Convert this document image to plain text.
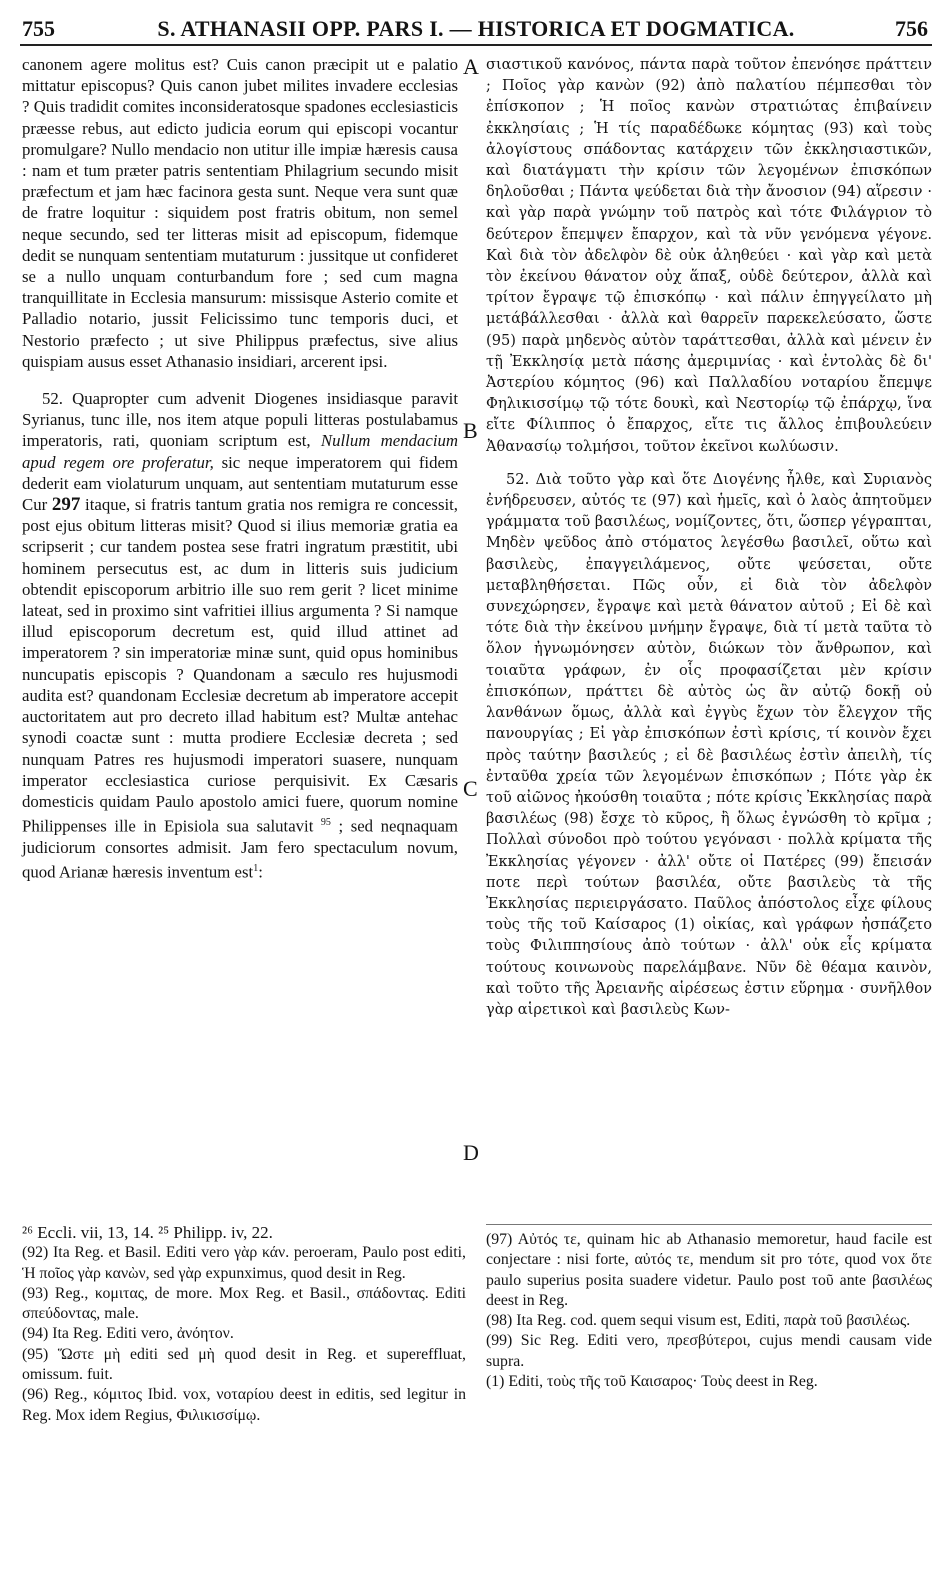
755	S. ATHANASII OPP. PARS I. — HISTORICA ET DOGMATICA.	756

canonem agere molitus est? Cuis canon præcipit ut e palatio mittatur episcopus? Quis canon jubet milites invadere ecclesias ? Quis tradidit comites inconsideratosque spadones ecclesiasticis præesse rebus, aut edicto judicia eorum qui episcopi vocantur promulgare? Nullo mendacio non utitur ille impiæ hæresis causa : nam et tum præter patris sententiam Philagrium secundo misit præfectum et jam hæc facinora gesta sunt. Neque vera sunt quæ de fratre loquitur : siquidem post fratris obitum, non semel neque secundo, sed ter litteras misit ad episcopum, fidemque dedit se nunquam sententiam mutaturum : jussitque ut confideret se a nullo unquam conturbandum fore ; sed cum magna tranquillitate in Ecclesia mansurum: missisque Asterio comite et Palladio notario, jussit Felicissimo tunc temporis duci, et Nestorio præfecto ; ut sive Philippus præfectus, sive alius quispiam ausus esset Athanasio insidiari, arcerent ipsi.

52. Quapropter cum advenit Diogenes insidiasque paravit Syrianus, tunc ille, nos item atque populi litteras postulabamus imperatoris, rati, quoniam scriptum est, Nullum mendacium apud regem ore proferatur, sic neque imperatorem qui fidem dederit eam violaturum unquam, aut sententiam mutaturum esse Cur 297 itaque, si fratris tantum gratia nos remigra re concessit, post ejus obitum litteras misit? Quod si ilius memoriæ gratia ea scripserit ; cur tandem postea sese fratri ingratum præstitit, ubi hominem persecutus est, ac dum in litteris suis judicium obtendit episcoporum arbitrio ille suo rem gerit ? licet minime lateat, sed in proximo sint vafritiei illius argumenta ? Si namque illud episcoporum decretum est, quid illud attinet ad imperatorem ? sin imperatoriæ minæ sunt, quid opus hominibus nuncupatis episcopis ? Quandonam a sæculo res hujusmodi audita est? quandonam Ecclesiæ decretum ab imperatore accepit auctoritatem aut pro decreto illad habitum est? Multæ antehac synodi coactæ sunt : mutta prodiere Ecclesiæ decreta ; sed nunquam Patres res hujusmodi imperatori suasere, nunquam imperator ecclesiastica curiose perquisivit. Ex Cæsaris domesticis quidam Paulo apostolo amici fuere, quorum nomine Philippenses ille in Episiola sua salutavit $^{95}$ ; sed neqnaquam judiciorum consortes admisit. Jam fero spectaculum novum, quod Arianæ hæresis inventum est$^1$:

σιαστικοῦ κανόνος, πάντα παρὰ τοῦτον ἐπενόησε πράττειν ; Ποῖος γὰρ κανὼν (92) ἀπὸ παλατίου πέμπεσθαι τὸν ἐπίσκοπον ; Ἡ ποῖος κανὼν στρατιώτας ἐπιβαίνειν ἐκκλησίαις ; Ἡ τίς παραδέδωκε κόμητας (93) καὶ τοὺς ἀλογίστους σπάδοντας κατάρχειν τῶν ἐκκλησιαστικῶν, καὶ διατάγματι τὴν κρίσιν τῶν λεγομένων ἐπισκόπων δηλοῦσθαι ; Πάντα ψεύδεται διὰ τὴν ἄνοσιον (94) αἵρεσιν · καὶ γὰρ παρὰ γνώμην τοῦ πατρὸς καὶ τότε Φιλάγριον τὸ δεύτερον ἔπεμψεν ἔπαρχον, καὶ τὰ νῦν γενόμενα γέγονε. Καὶ διὰ τὸν ἀδελφὸν δὲ οὐκ ἀληθεύει · καὶ γὰρ καὶ μετὰ τὸν ἐκείνου θάνατον οὐχ ἅπαξ, οὐδὲ δεύτερον, ἀλλὰ καὶ τρίτον ἔγραψε τῷ ἐπισκόπῳ · καὶ πάλιν ἐπηγγείλατο μὴ μετάβάλλεσθαι · ἀλλὰ καὶ θαρρεῖν παρεκελεύσατο, ὥστε (95) παρὰ μηδενὸς αὐτὸν ταράττεσθαι, ἀλλὰ καὶ μένειν ἐν τῇ Ἐκκλησίᾳ μετὰ πάσης ἀμεριμνίας · καὶ ἐντολὰς δὲ δι' Ἀστερίου κόμητος (96) καὶ Παλλαδίου νοταρίου ἔπεμψε Φηλικισσίμῳ τῷ τότε δουκὶ, καὶ Νεστορίῳ τῷ ἐπάρχῳ, ἵνα εἴτε Φίλιππος ὁ ἔπαρχος, εἴτε τις ἄλλος ἐπιβουλεύειν Ἀθανασίῳ τολμήσοι, τοῦτον ἐκεῖνοι κωλύωσιν.

52. Διὰ τοῦτο γὰρ καὶ ὅτε Διογένης ἦλθε, καὶ Συριανὸς ἐνήδρευσεν, αὐτός τε (97) καὶ ἡμεῖς, καὶ ὁ λαὸς ἀπητοῦμεν γράμματα τοῦ βασιλέως, νομίζοντες, ὅτι, ὥσπερ γέγραπται, Μηδὲν ψεῦδος ἀπὸ στόματος λεγέσθω βασιλεῖ, οὕτω καὶ βασιλεὺς, ἐπαγγειλάμενος, οὔτε ψεύσεται, οὔτε μεταβληθήσεται. Πῶς οὖν, εἰ διὰ τὸν ἀδελφὸν συνεχώρησεν, ἔγραψε καὶ μετὰ θάνατον αὐτοῦ ; Εἰ δὲ καὶ τότε διὰ τὴν ἐκείνου μνήμην ἔγραψε, διὰ τί μετὰ ταῦτα τὸ ὅλον ἠγνωμόνησεν αὐτὸν, διώκων τὸν ἄνθρωπον, καὶ τοιαῦτα γράφων, ἐν οἷς προφασίζεται μὲν κρίσιν ἐπισκόπων, πράττει δὲ αὐτὸς ὡς ἂν αὐτῷ δοκῇ οὐ λανθάνων ὅμως, ἀλλὰ καὶ ἐγγὺς ἔχων τὸν ἔλεγχον τῆς πανουργίας ; Εἰ γὰρ ἐπισκόπων ἐστὶ κρίσις, τί κοινὸν ἔχει πρὸς ταύτην βασιλεύς ; εἰ δὲ βασιλέως ἐστὶν ἀπειλὴ, τίς ἐνταῦθα χρεία τῶν λεγομένων ἐπισκόπων ; Πότε γὰρ ἐκ τοῦ αἰῶνος ἠκούσθη τοιαῦτα ; πότε κρίσις Ἐκκλησίας παρὰ βασιλέως (98) ἔσχε τὸ κῦρος, ἢ ὅλως ἐγνώσθη τὸ κρῖμα ; Πολλαὶ σύνοδοι πρὸ τούτου γεγόνασι · πολλὰ κρίματα τῆς Ἐκκλησίας γέγονεν · ἀλλ' οὔτε οἱ Πατέρες (99) ἔπεισάν ποτε περὶ τούτων βασιλέα, οὔτε βασιλεὺς τὰ τῆς Ἐκκλησίας περιειργάσατο. Παῦλος ἀπόστολος εἶχε φίλους τοὺς τῆς τοῦ Καίσαρος (1) οἰκίας, καὶ γράφων ἠσπάζετο τοὺς Φιλιππησίους ἀπὸ τούτων · ἀλλ' οὐκ εἶς κρίματα τούτους κοινωνοὺς παρελάμβανε. Νῦν δὲ θέαμα καινὸν, καὶ τοῦτο τῆς Ἀρειανῆς αἱρέσεως ἐστιν εὕρημα · συνῆλθον γὰρ αἱρετικοὶ καὶ βασιλεὺς Κων-

A
B
C
D

²⁶ Eccli. vii, 13, 14. ²⁵ Philipp. iv, 22.

(92) Ita Reg. et Basil. Editi vero γὰρ κάν. peroeram, Paulo post editi, Ἡ ποῖος γὰρ κανὼν, sed γὰρ expunximus, quod desit in Reg.

(93) Reg., κομιτας, de more. Mox Reg. et Basil., σπάδοντας. Editi σπεύδοντας, male.

(94) Ita Reg. Editi vero, ἀνόητον.

(95) Ὥστε μὴ editi sed μὴ quod desit in Reg. et supereffluat, omissum. fuit.

(96) Reg., κόμιτος Ibid. vox, νοταρίου deest in editis, sed legitur in Reg. Mox idem Regius, Φιλικισσίμῳ.

(97) Αὐτός τε, quinam hic ab Athanasio memoretur, haud facile est conjectare : nisi forte, αὐτός τε, mendum sit pro τότε, quod vox ὅτε paulo superius posita suadere videtur. Paulo post τοῦ ante βασιλέως deest in Reg.

(98) Ita Reg. cod. quem sequi visum est, Editi, παρὰ τοῦ βασιλέως.

(99) Sic Reg. Editi vero, πρεσβύτεροι, cujus mendi causam vide supra.

(1) Editi, τοὺς τῆς τοῦ Καισαρος· Τοὺς deest in Reg.
